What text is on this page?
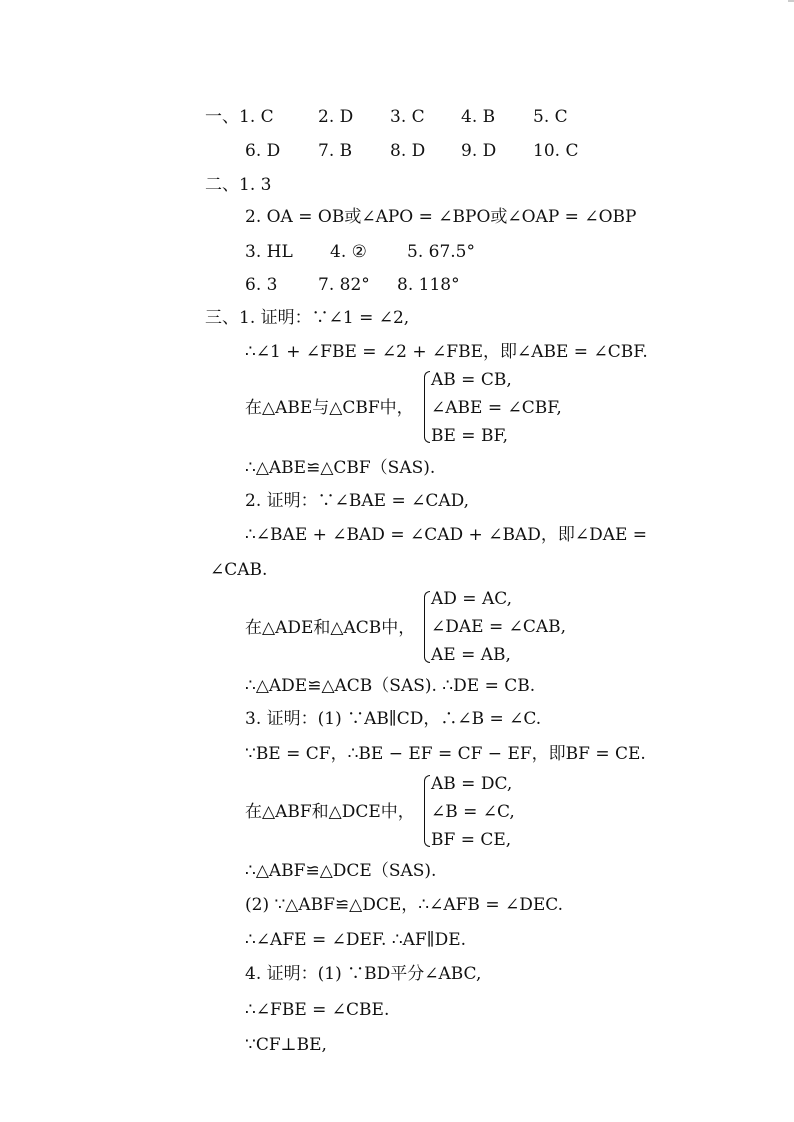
一、1. C	2. D 3. C 4. B 5. C
6. D 7. B 8. D 9. D 10. C
二、1. 3
2. OA = OB或∠APO = ∠BPO或∠OAP = ∠OBP
3. HL 4. ② 5. 67.5°
6. 3 7. 82° 8. 118°
三、1. 证明：∵∠1 = ∠2,
∴∠1 + ∠FBE = ∠2 + ∠FBE，即∠ABE = ∠CBF.
在△ABE与△CBF中，
AB = CB,
∠ABE = ∠CBF,
BE = BF,
∴△ABE≌△CBF（SAS).
2. 证明：∵∠BAE = ∠CAD,
∴∠BAE + ∠BAD = ∠CAD + ∠BAD，即∠DAE =
∠CAB.
在△ADE和△ACB中，
AD = AC,
∠DAE = ∠CAB,
AE = AB,
∴△ADE≌△ACB（SAS). ∴DE = CB.
3. 证明：(1) ∵AB∥CD，∴∠B = ∠C.
∵BE = CF，∴BE − EF = CF − EF，即BF = CE.
在△ABF和△DCE中，
AB = DC,
∠B = ∠C,
BF = CE,
∴△ABF≌△DCE（SAS).
(2) ∵△ABF≌△DCE，∴∠AFB = ∠DEC.
∴∠AFE = ∠DEF. ∴AF∥DE.
4. 证明：(1) ∵BD平分∠ABC,
∴∠FBE = ∠CBE.
∵CF⊥BE,
